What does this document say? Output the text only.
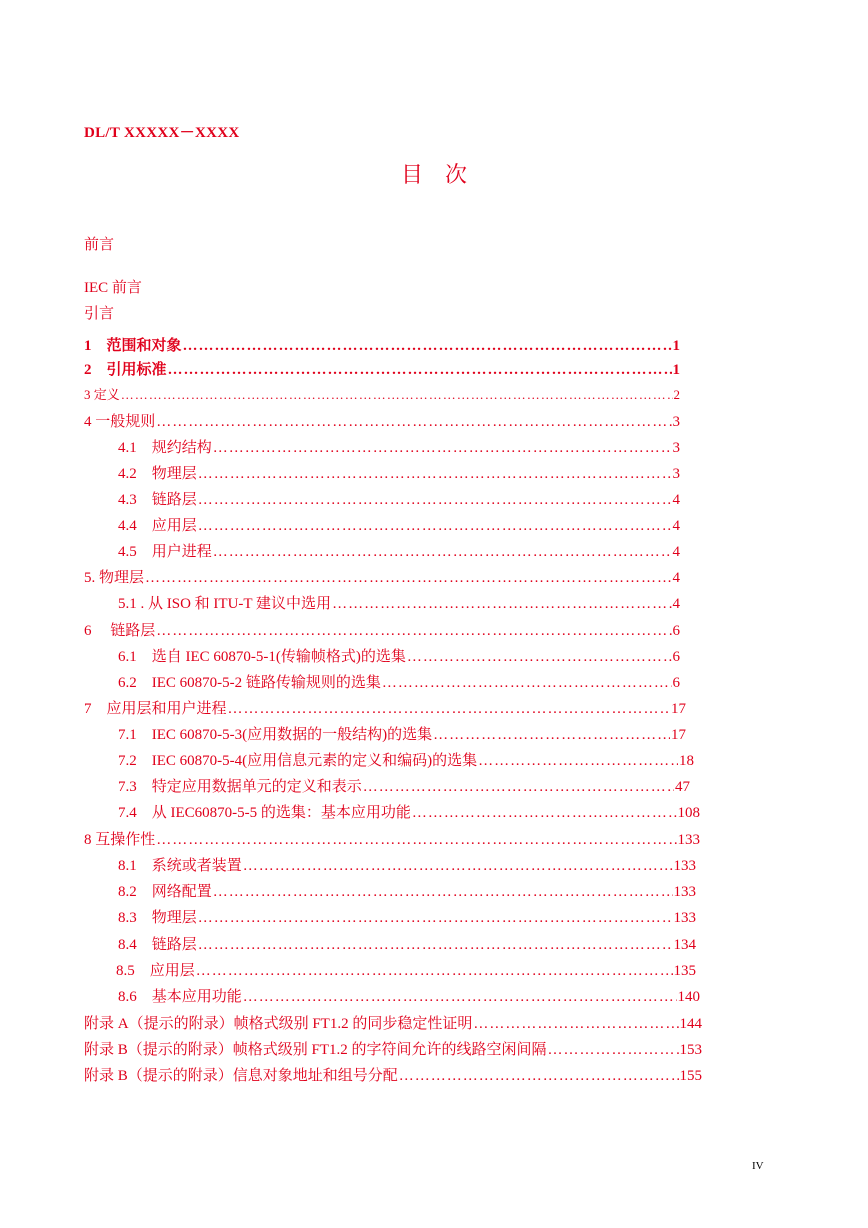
DL/T XXXXX－XXXX
目　次
前言
IEC 前言
引言
1　范围和对象 ……………………………………………………………………………………………………………………………………………………………………	1
2　引用标准 ……………………………………………………………………………………………………………………………………………………………………	1
3 定义 ……………………………………………………………………………………………………………………………………………………………………	2
4 一般规则 ……………………………………………………………………………………………………………………………………………………………………	3
4.1　规约结构 ……………………………………………………………………………………………………………………………………………………………………	3
4.2　物理层 ……………………………………………………………………………………………………………………………………………………………………	3
4.3　链路层 ……………………………………………………………………………………………………………………………………………………………………	4
4.4　应用层 ……………………………………………………………………………………………………………………………………………………………………	4
4.5　用户进程 ……………………………………………………………………………………………………………………………………………………………………	4
5. 物理层 ……………………………………………………………………………………………………………………………………………………………………	4
5.1 . 从 ISO 和 ITU-T 建议中选用 ……………………………………………………………………………………………………………………………………………………………………	4
6　 链路层 ……………………………………………………………………………………………………………………………………………………………………	6
6.1　选自 IEC 60870-5-1(传输帧格式)的选集 ……………………………………………………………………………………………………………………………………………………………………	6
6.2　IEC 60870-5-2 链路传输规则的选集 ……………………………………………………………………………………………………………………………………………………………………	6
7　应用层和用户进程 ……………………………………………………………………………………………………………………………………………………………………	17
7.1　IEC 60870-5-3(应用数据的一般结构)的选集 ……………………………………………………………………………………………………………………………………………………………………	17
7.2　IEC 60870-5-4(应用信息元素的定义和编码)的选集 ……………………………………………………………………………………………………………………………………………………………………	18
7.3　特定应用数据单元的定义和表示 ……………………………………………………………………………………………………………………………………………………………………	47
7.4　从 IEC60870-5-5 的选集：基本应用功能 ……………………………………………………………………………………………………………………………………………………………………	108
8 互操作性 ……………………………………………………………………………………………………………………………………………………………………	133
8.1　系统或者装置 ……………………………………………………………………………………………………………………………………………………………………	133
8.2　网络配置 ……………………………………………………………………………………………………………………………………………………………………	133
8.3　物理层 ……………………………………………………………………………………………………………………………………………………………………	133
8.4　链路层 ……………………………………………………………………………………………………………………………………………………………………	134
8.5　应用层 ……………………………………………………………………………………………………………………………………………………………………	135
8.6　基本应用功能 ……………………………………………………………………………………………………………………………………………………………………	140
附录 A（提示的附录）帧格式级别 FT1.2 的同步稳定性证明 ……………………………………………………………………………………………………………………………………………………………………	144
附录 B（提示的附录）帧格式级别 FT1.2 的字符间允许的线路空闲间隔 ……………………………………………………………………………………………………………………………………………………………………	153
附录 B（提示的附录）信息对象地址和组号分配 ……………………………………………………………………………………………………………………………………………………………………	155
IV
